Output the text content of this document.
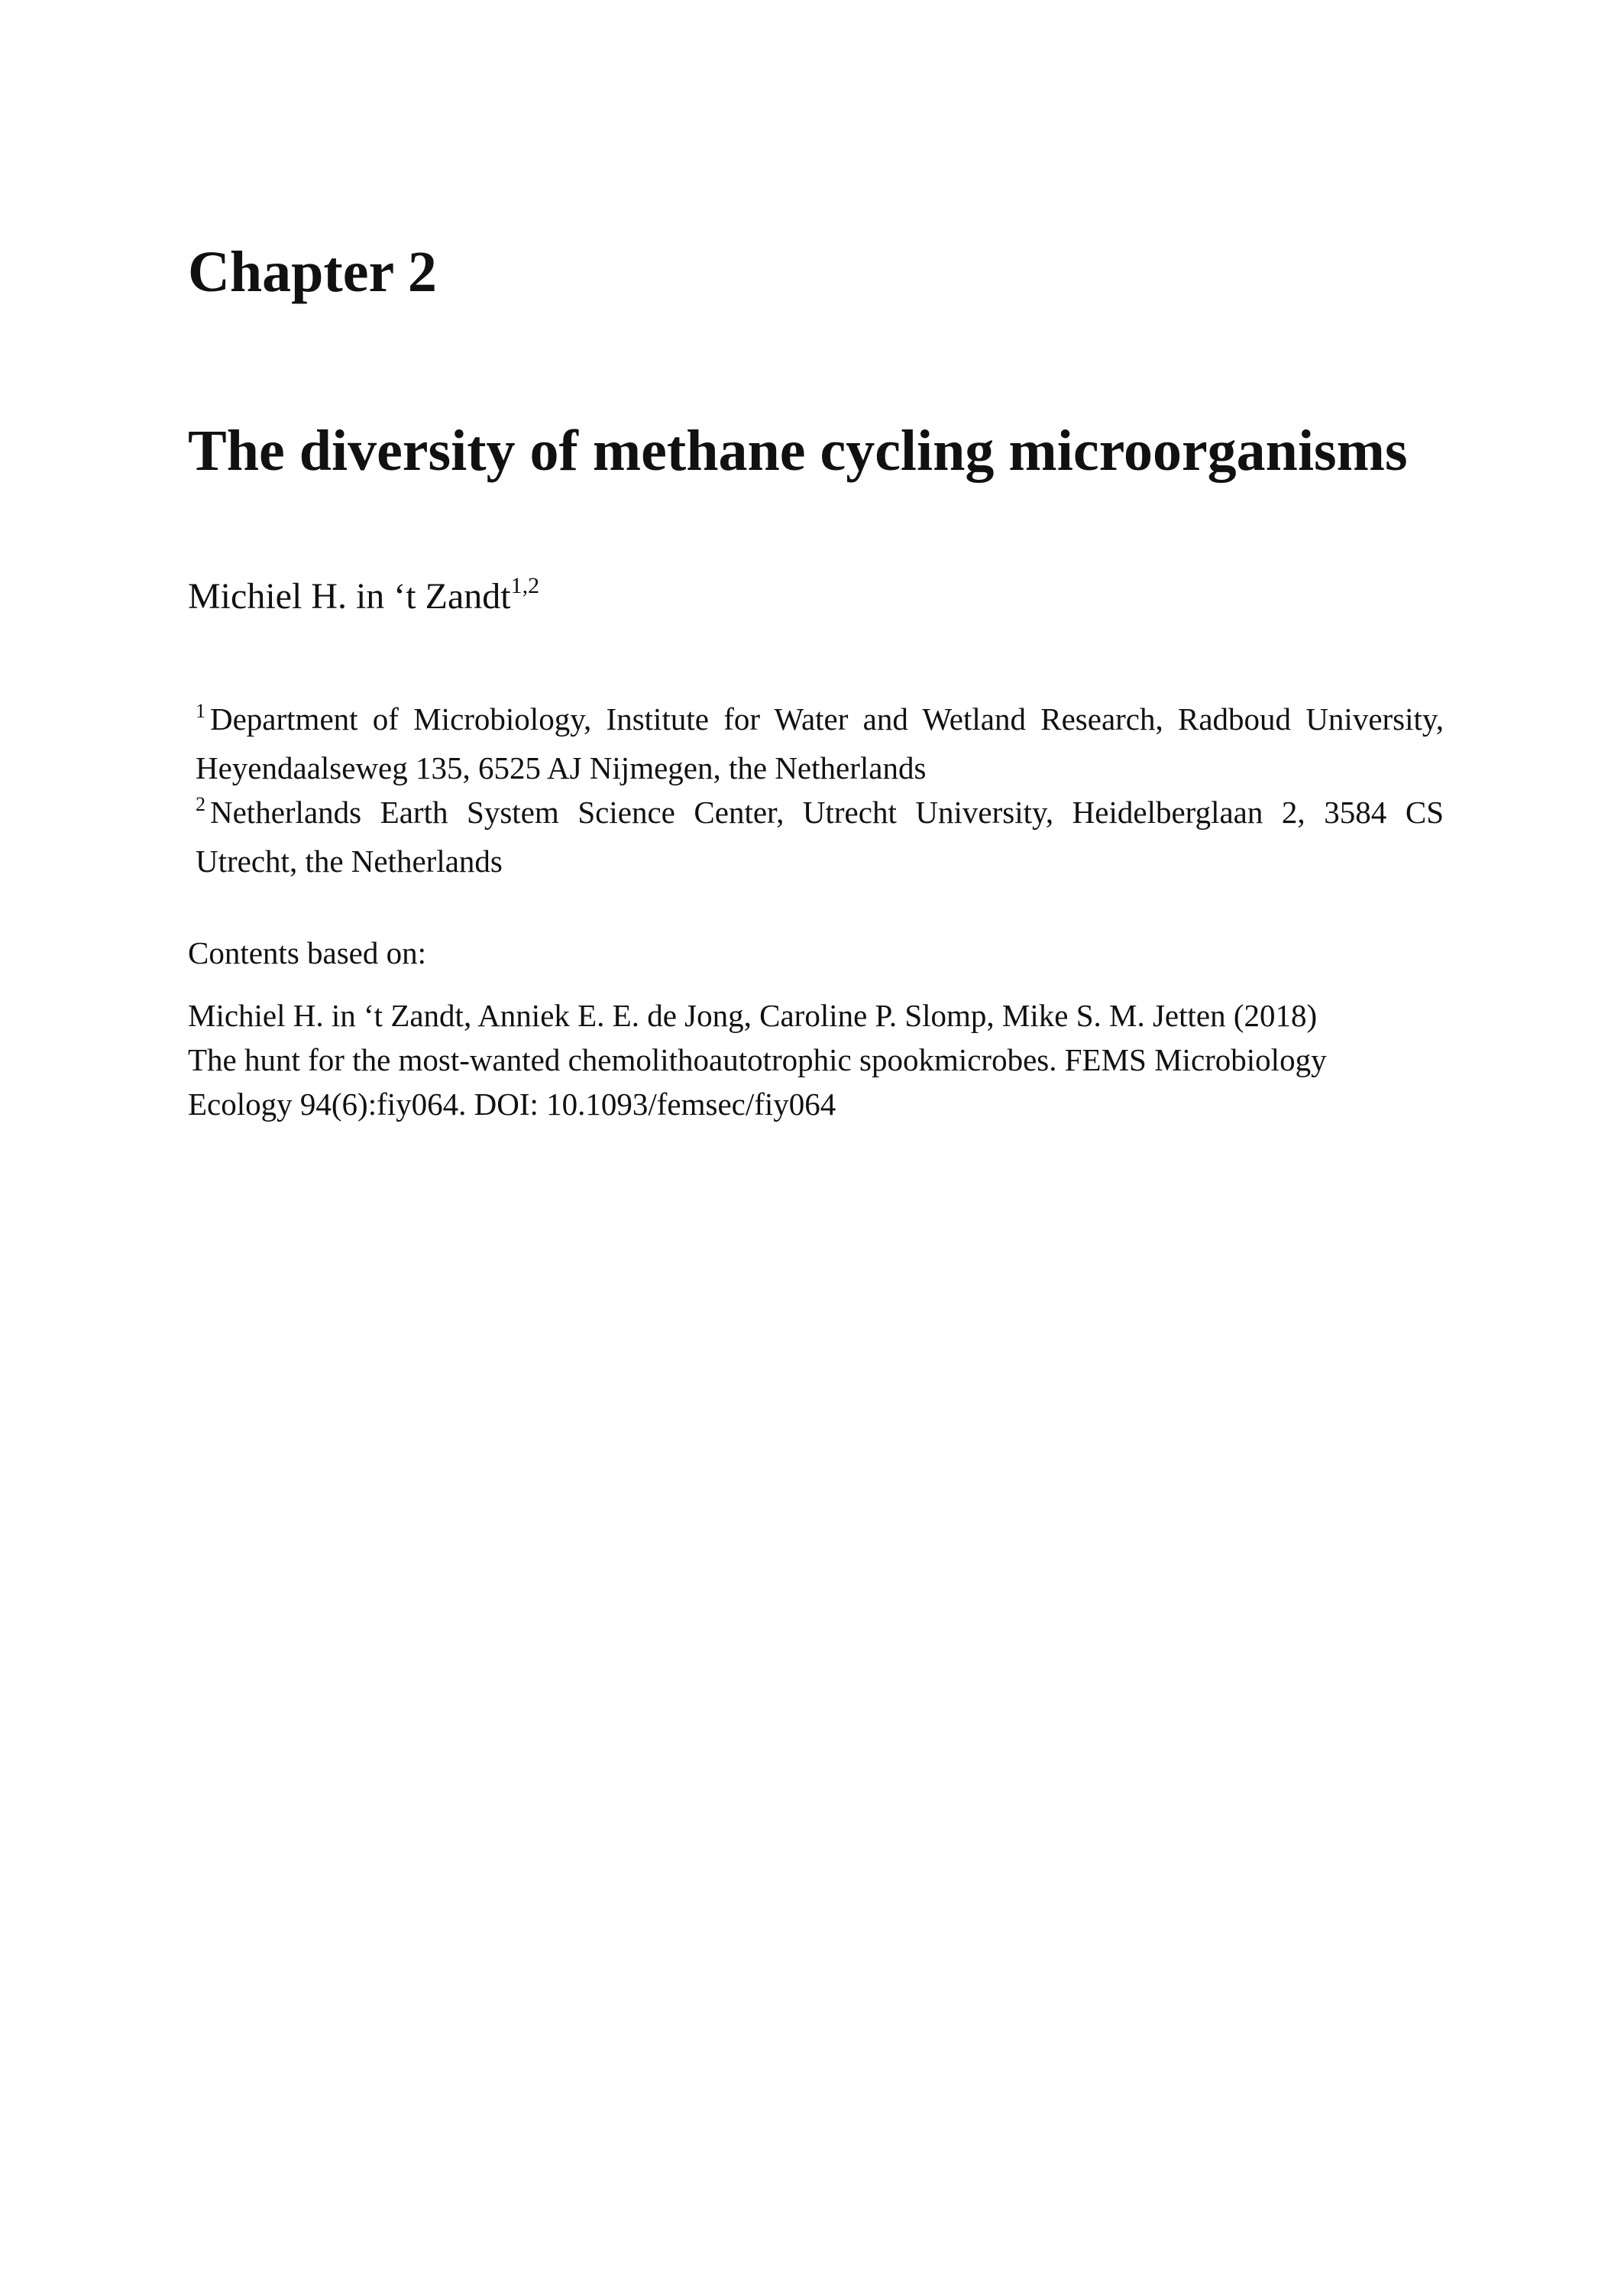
Chapter 2
The diversity of methane cycling microorganisms
Michiel H. in ‘t Zandt$^{1,2}$
$^1$ Department of Microbiology, Institute for Water and Wetland Research, Radboud University, Heyendaalseweg 135, 6525 AJ Nijmegen, the Netherlands
$^2$ Netherlands Earth System Science Center, Utrecht University, Heidelberglaan 2, 3584 CS Utrecht, the Netherlands
Contents based on:
Michiel H. in ‘t Zandt, Anniek E. E. de Jong, Caroline P. Slomp, Mike S. M. Jetten (2018)
The hunt for the most-wanted chemolithoautotrophic spookmicrobes. FEMS Microbiology
Ecology 94(6):fiy064. DOI: 10.1093/femsec/fiy064
